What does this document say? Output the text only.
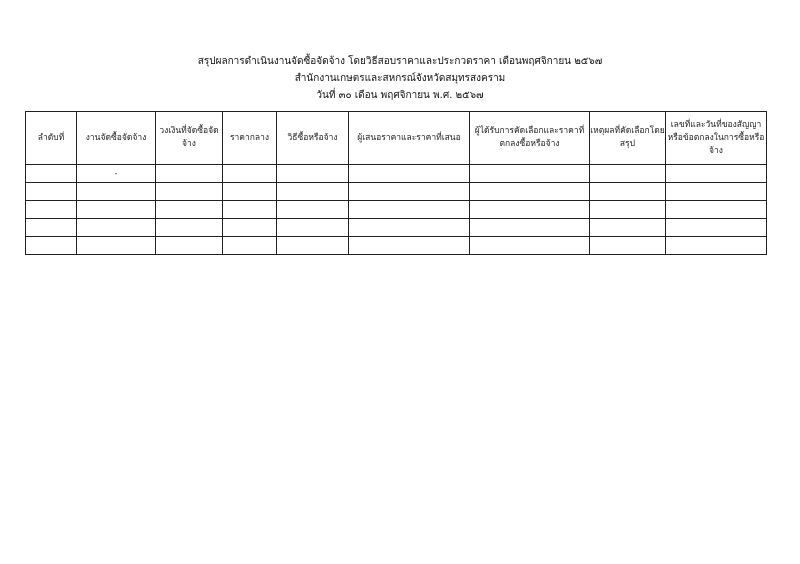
สรุปผลการดำเนินงานจัดซื้อจัดจ้าง โดยวิธีสอบราคาและประกวดราคา เดือนพฤศจิกายน ๒๕๖๗
สำนักงานเกษตรและสหกรณ์จังหวัดสมุทรสงคราม
วันที่ ๓๐ เดือน พฤศจิกายน พ.ศ. ๒๕๖๗
ลำดับที่	งานจัดซื้อจัดจ้าง	วงเงินที่จัดซื้อจัดจ้าง	ราคากลาง	วิธีซื้อหรือจ้าง	ผู้เสนอราคาและราคาที่เสนอ	ผู้ได้รับการคัดเลือกและราคาที่ตกลงซื้อหรือจ้าง	เหตุผลที่คัดเลือกโดยสรุป	เลขที่และวันที่ของสัญญาหรือข้อตกลงในการซื้อหรือจ้าง
	-							
